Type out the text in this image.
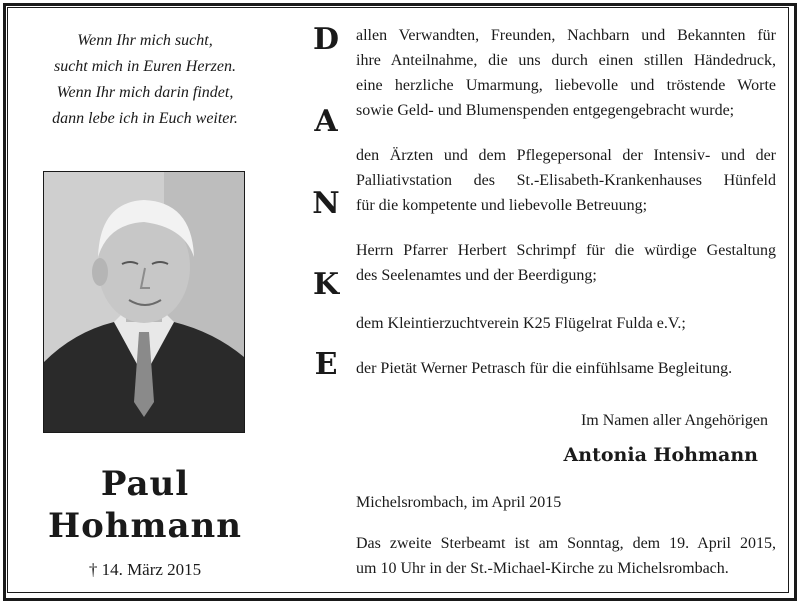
Wenn Ihr mich sucht,
sucht mich in Euren Herzen.
Wenn Ihr mich darin findet,
dann lebe ich in Euch weiter.
Paul
Hohmann
† 14. März 2015
D
A
N
K
E
allen Verwandten, Freunden, Nachbarn und Bekannten für
ihre Anteilnahme, die uns durch einen stillen Händedruck,
eine herzliche Umarmung, liebevolle und tröstende Worte
sowie Geld- und Blumenspenden entgegengebracht wurde;
den Ärzten und dem Pflegepersonal der Intensiv- und der
Palliativstation des St.-Elisabeth-Krankenhauses Hünfeld
für die kompetente und liebevolle Betreuung;
Herrn Pfarrer Herbert Schrimpf für die würdige Gestaltung
des Seelenamtes und der Beerdigung;
dem Kleintierzuchtverein K25 Flügelrat Fulda e.V.;
der Pietät Werner Petrasch für die einfühlsame Begleitung.
Im Namen aller Angehörigen
Antonia Hohmann
Michelsrombach, im April 2015
Das zweite Sterbeamt ist am Sonntag, dem 19. April 2015,
um 10 Uhr in der St.-Michael-Kirche zu Michelsrombach.
